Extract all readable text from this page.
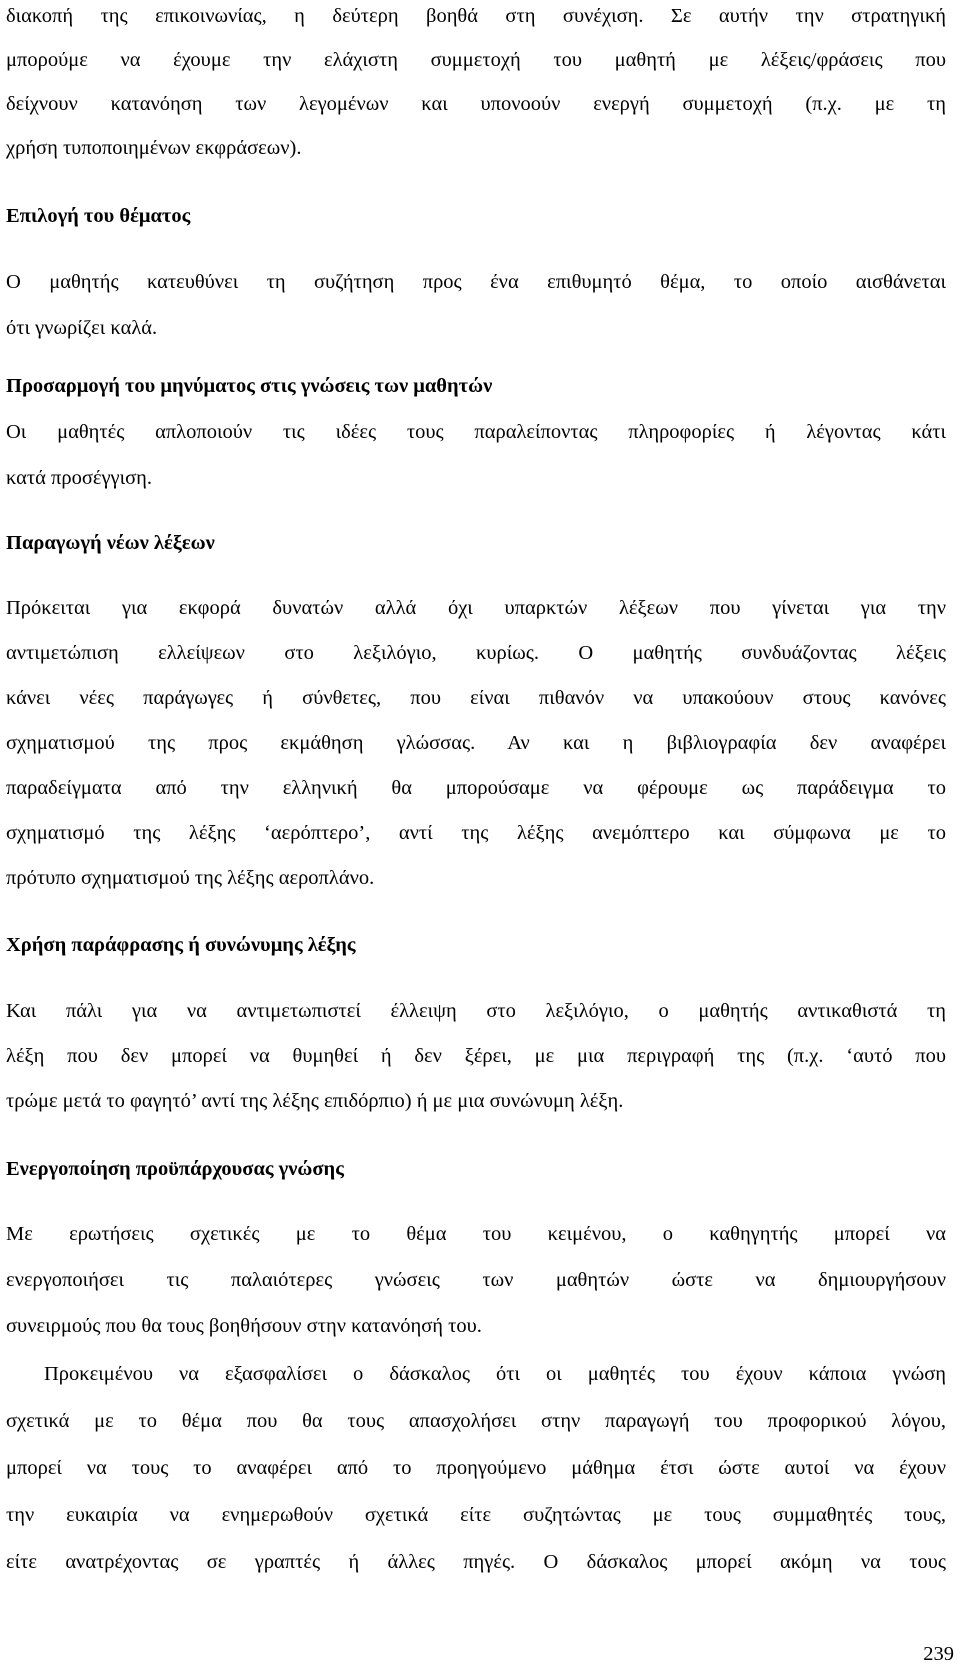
διακοπή της επικοινωνίας, η δεύτερη βοηθά στη συνέχιση. Σε αυτήν την στρατηγική
μπορούμε να έχουμε την ελάχιστη συμμετοχή του μαθητή με λέξεις/φράσεις που
δείχνουν κατανόηση των λεγομένων και υπονοούν ενεργή συμμετοχή (π.χ. με τη
χρήση τυποποιημένων εκφράσεων).
Επιλογή του θέματος
Ο μαθητής κατευθύνει τη συζήτηση προς ένα επιθυμητό θέμα, το οποίο αισθάνεται
ότι γνωρίζει καλά.
Προσαρμογή του μηνύματος στις γνώσεις των μαθητών
Οι μαθητές απλοποιούν τις ιδέες τους παραλείποντας πληροφορίες ή λέγοντας κάτι
κατά προσέγγιση.
Παραγωγή νέων λέξεων
Πρόκειται για εκφορά δυνατών αλλά όχι υπαρκτών λέξεων που γίνεται για την
αντιμετώπιση ελλείψεων στο λεξιλόγιο, κυρίως. Ο μαθητής συνδυάζοντας λέξεις
κάνει νέες παράγωγες ή σύνθετες, που είναι πιθανόν να υπακούουν στους κανόνες
σχηματισμού της προς εκμάθηση γλώσσας. Αν και η βιβλιογραφία δεν αναφέρει
παραδείγματα από την ελληνική θα μπορούσαμε να φέρουμε ως παράδειγμα το
σχηματισμό της λέξης ‘αερόπτερο’, αντί της λέξης ανεμόπτερο και σύμφωνα με το
πρότυπο σχηματισμού της λέξης αεροπλάνο.
Χρήση παράφρασης ή συνώνυμης λέξης
Και πάλι για να αντιμετωπιστεί έλλειψη στο λεξιλόγιο, ο μαθητής αντικαθιστά τη
λέξη που δεν μπορεί να θυμηθεί ή δεν ξέρει, με μια περιγραφή της (π.χ. ‘αυτό που
τρώμε μετά το φαγητό’ αντί της λέξης επιδόρπιο) ή με μια συνώνυμη λέξη.
Ενεργοποίηση προϋπάρχουσας γνώσης
Με ερωτήσεις σχετικές με το θέμα του κειμένου, ο καθηγητής μπορεί να
ενεργοποιήσει τις παλαιότερες γνώσεις των μαθητών ώστε να δημιουργήσουν
συνειρμούς που θα τους βοηθήσουν στην κατανόησή του.
Προκειμένου να εξασφαλίσει ο δάσκαλος ότι οι μαθητές του έχουν κάποια γνώση
σχετικά με το θέμα που θα τους απασχολήσει στην παραγωγή του προφορικού λόγου,
μπορεί να τους το αναφέρει από το προηγούμενο μάθημα έτσι ώστε αυτοί να έχουν
την ευκαιρία να ενημερωθούν σχετικά είτε συζητώντας με τους συμμαθητές τους,
είτε ανατρέχοντας σε γραπτές ή άλλες πηγές. Ο δάσκαλος μπορεί ακόμη να τους
239
